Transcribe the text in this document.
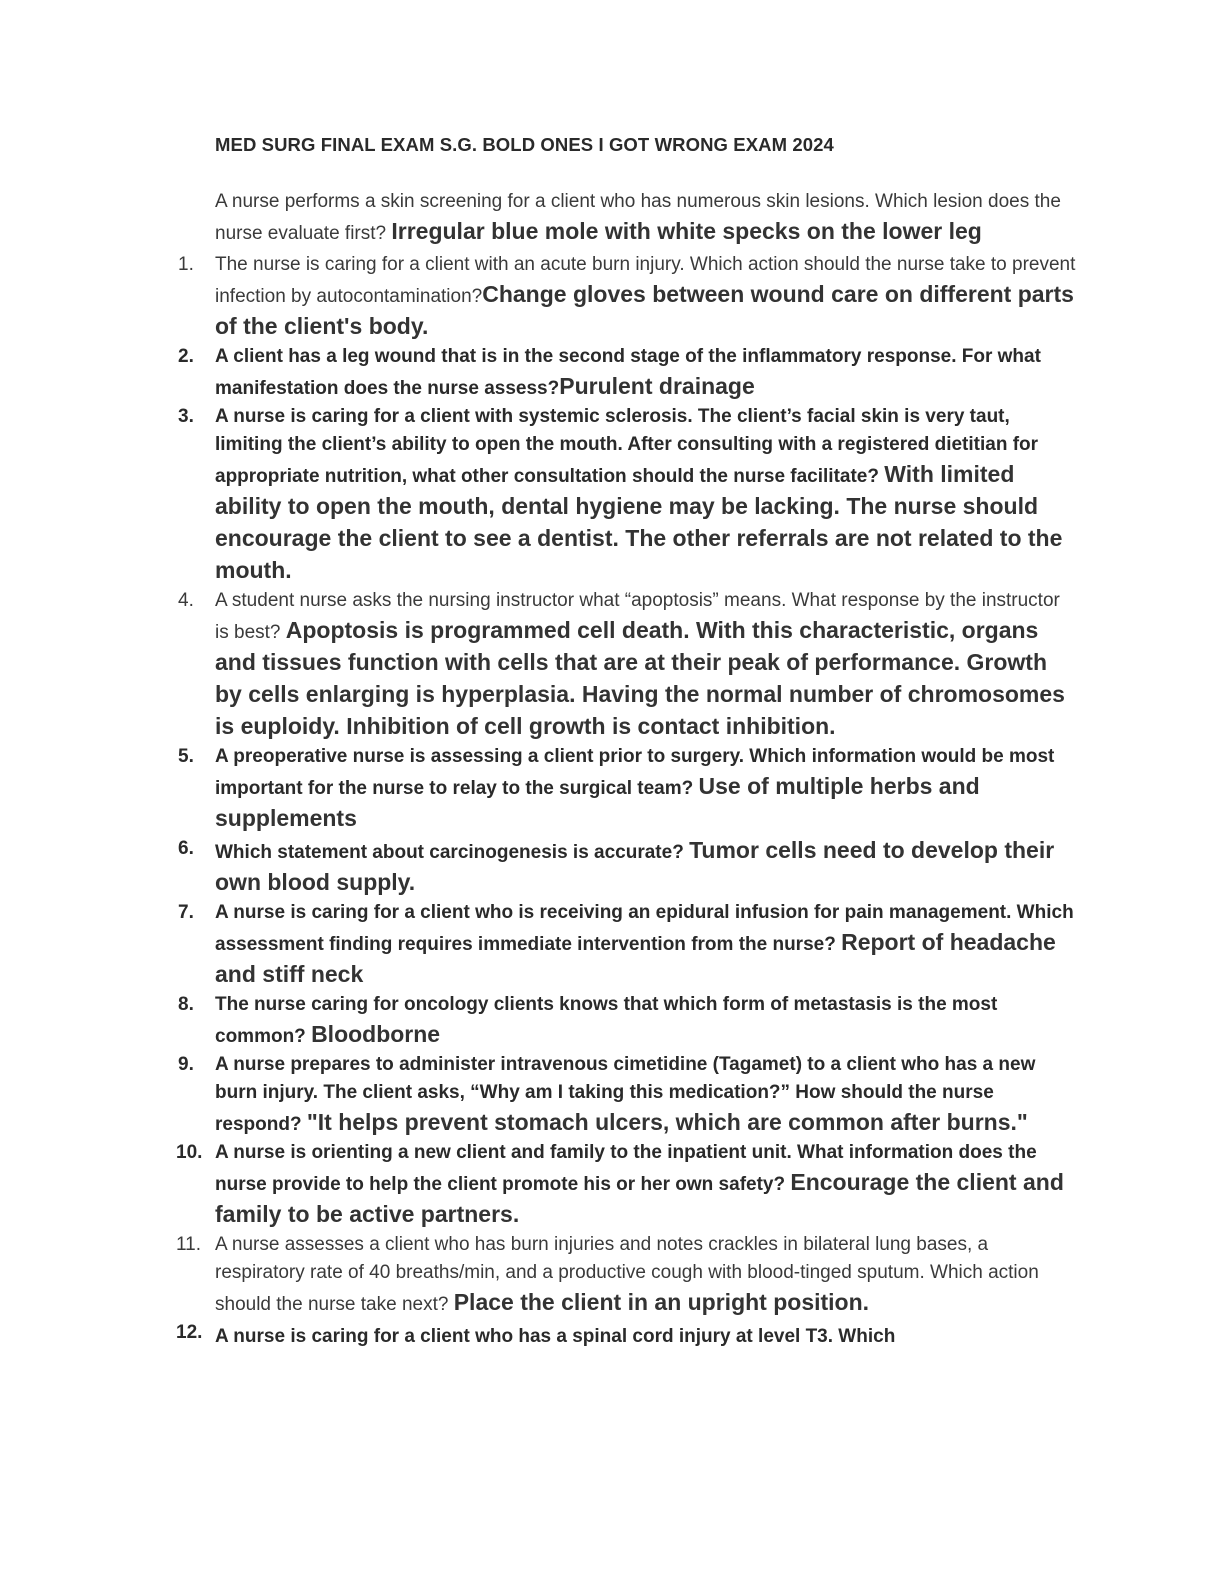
MED SURG FINAL EXAM S.G. BOLD ONES I GOT WRONG EXAM 2024
A nurse performs a skin screening for a client who has numerous skin lesions. Which lesion does the nurse evaluate first? Irregular blue mole with white specks on the lower leg
1.	The nurse is caring for a client with an acute burn injury. Which action should the nurse take to prevent infection by autocontamination?Change gloves between wound care on different parts of the client's body.
2.	A client has a leg wound that is in the second stage of the inflammatory response. For what manifestation does the nurse assess?Purulent drainage
3.	A nurse is caring for a client with systemic sclerosis. The client’s facial skin is very taut, limiting the client’s ability to open the mouth. After consulting with a registered dietitian for appropriate nutrition, what other consultation should the nurse facilitate? With limited ability to open the mouth, dental hygiene may be lacking. The nurse should encourage the client to see a dentist. The other referrals are not related to the mouth.
4.	A student nurse asks the nursing instructor what “apoptosis” means. What response by the instructor is best? Apoptosis is programmed cell death. With this characteristic, organs and tissues function with cells that are at their peak of performance. Growth by cells enlarging is hyperplasia. Having the normal number of chromosomes is euploidy. Inhibition of cell growth is contact inhibition.
5.	A preoperative nurse is assessing a client prior to surgery. Which information would be most important for the nurse to relay to the surgical team? Use of multiple herbs and supplements
6.	Which statement about carcinogenesis is accurate? Tumor cells need to develop their own blood supply.
7.	A nurse is caring for a client who is receiving an epidural infusion for pain management. Which assessment finding requires immediate intervention from the nurse? Report of headache and stiff neck
8.	The nurse caring for oncology clients knows that which form of metastasis is the most common? Bloodborne
9.	A nurse prepares to administer intravenous cimetidine (Tagamet) to a client who has a new burn injury. The client asks, “Why am I taking this medication?” How should the nurse respond? "It helps prevent stomach ulcers, which are common after burns."
10. A nurse is orienting a new client and family to the inpatient unit. What information does the nurse provide to help the client promote his or her own safety? Encourage the client and family to be active partners.
11. A nurse assesses a client who has burn injuries and notes crackles in bilateral lung bases, a respiratory rate of 40 breaths/min, and a productive cough with blood-tinged sputum. Which action should the nurse take next? Place the client in an upright position.
12. A nurse is caring for a client who has a spinal cord injury at level T3. Which
